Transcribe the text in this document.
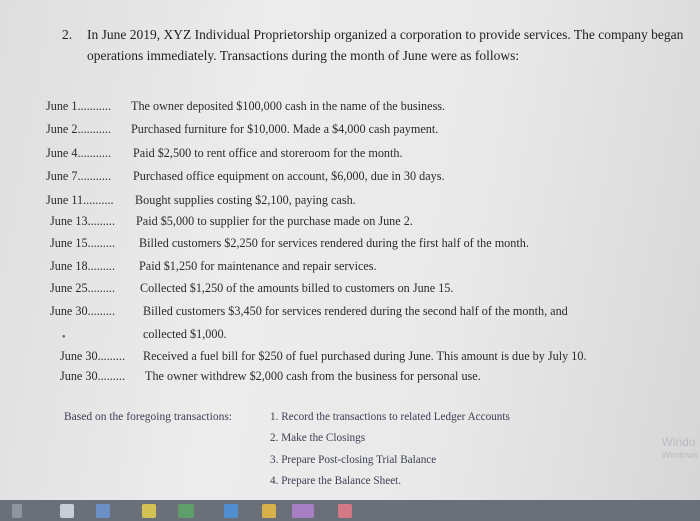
2. In June 2019, XYZ Individual Proprietorship organized a corporation to provide services. The company began
operations immediately. Transactions during the month of June were as follows:
June 1........... The owner deposited $100,000 cash in the name of the business.
June 2........... Purchased furniture for $10,000. Made a $4,000 cash payment.
June 4........... Paid $2,500 to rent office and storeroom for the month.
June 7........... Purchased office equipment on account, $6,000, due in 30 days.
June 11.......... Bought supplies costing $2,100, paying cash.
June 13......... Paid $5,000 to supplier for the purchase made on June 2.
June 15......... Billed customers $2,250 for services rendered during the first half of the month.
June 18......... Paid $1,250 for maintenance and repair services.
June 25......... Collected $1,250 of the amounts billed to customers on June 15.
June 30......... Billed customers $3,450 for services rendered during the second half of the month, and
June 30......... Received a fuel bill for $250 of fuel purchased during June. This amount is due by July 10.
June 30......... The owner withdrew $2,000 cash from the business for personal use.
•	collected $1,000.
Based on the foregoing transactions:	1. Record the transactions to related Ledger Accounts
2. Make the Closings
3. Prepare Post-closing Trial Balance
4. Prepare the Balance Sheet.
Windo
Windows
